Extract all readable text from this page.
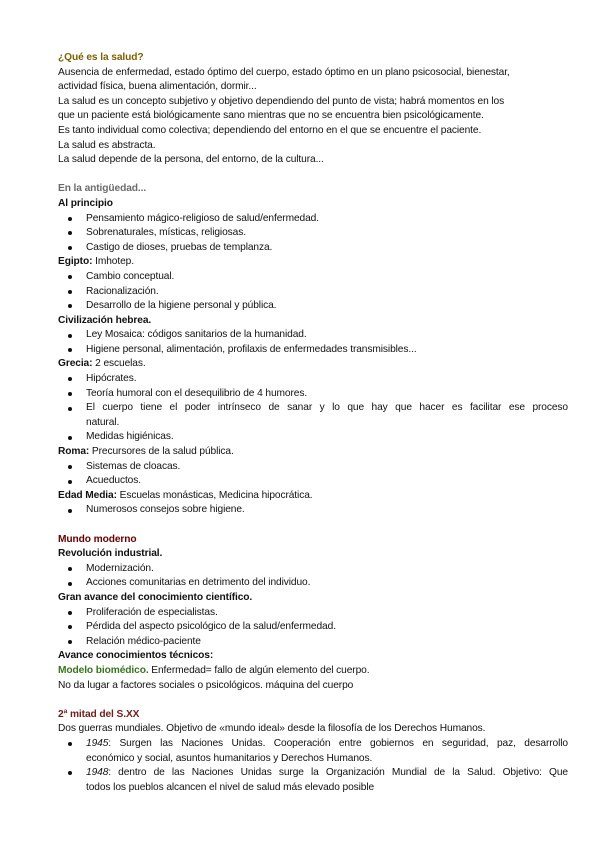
¿Qué es la salud?
Ausencia de enfermedad, estado óptimo del cuerpo, estado óptimo en un plano psicosocial, bienestar,
actividad física, buena alimentación, dormir...
La salud es un concepto subjetivo y objetivo dependiendo del punto de vista; habrá momentos en los
que un paciente está biológicamente sano mientras que no se encuentra bien psicológicamente.
Es tanto individual como colectiva; dependiendo del entorno en el que se encuentre el paciente.
La salud es abstracta.
La salud depende de la persona, del entorno, de la cultura...
En la antigüedad...
Al principio
Pensamiento mágico-religioso de salud/enfermedad.
Sobrenaturales, místicas, religiosas.
Castigo de dioses, pruebas de templanza.
Egipto: Imhotep.
Cambio conceptual.
Racionalización.
Desarrollo de la higiene personal y pública.
Civilización hebrea.
Ley Mosaica: códigos sanitarios de la humanidad.
Higiene personal, alimentación, profilaxis de enfermedades transmisibles...
Grecia: 2 escuelas.
Hipócrates.
Teoría humoral con el desequilibrio de 4 humores.
El cuerpo tiene el poder intrínseco de sanar y lo que hay que hacer es facilitar ese proceso
natural.
Medidas higiénicas.
Roma: Precursores de la salud pública.
Sistemas de cloacas.
Acueductos.
Edad Media: Escuelas monásticas, Medicina hipocrática.
Numerosos consejos sobre higiene.
Mundo moderno
Revolución industrial.
Modernización.
Acciones comunitarias en detrimento del individuo.
Gran avance del conocimiento científico.
Proliferación de especialistas.
Pérdida del aspecto psicológico de la salud/enfermedad.
Relación médico-paciente
Avance conocimientos técnicos:
Modelo biomédico. Enfermedad= fallo de algún elemento del cuerpo.
No da lugar a factores sociales o psicológicos. máquina del cuerpo
2ª mitad del S.XX
Dos guerras mundiales. Objetivo de «mundo ideal» desde la filosofía de los Derechos Humanos.
1945: Surgen las Naciones Unidas. Cooperación entre gobiernos en seguridad, paz, desarrollo
económico y social, asuntos humanitarios y Derechos Humanos.
1948: dentro de las Naciones Unidas surge la Organización Mundial de la Salud. Objetivo: Que
todos los pueblos alcancen el nivel de salud más elevado posible
